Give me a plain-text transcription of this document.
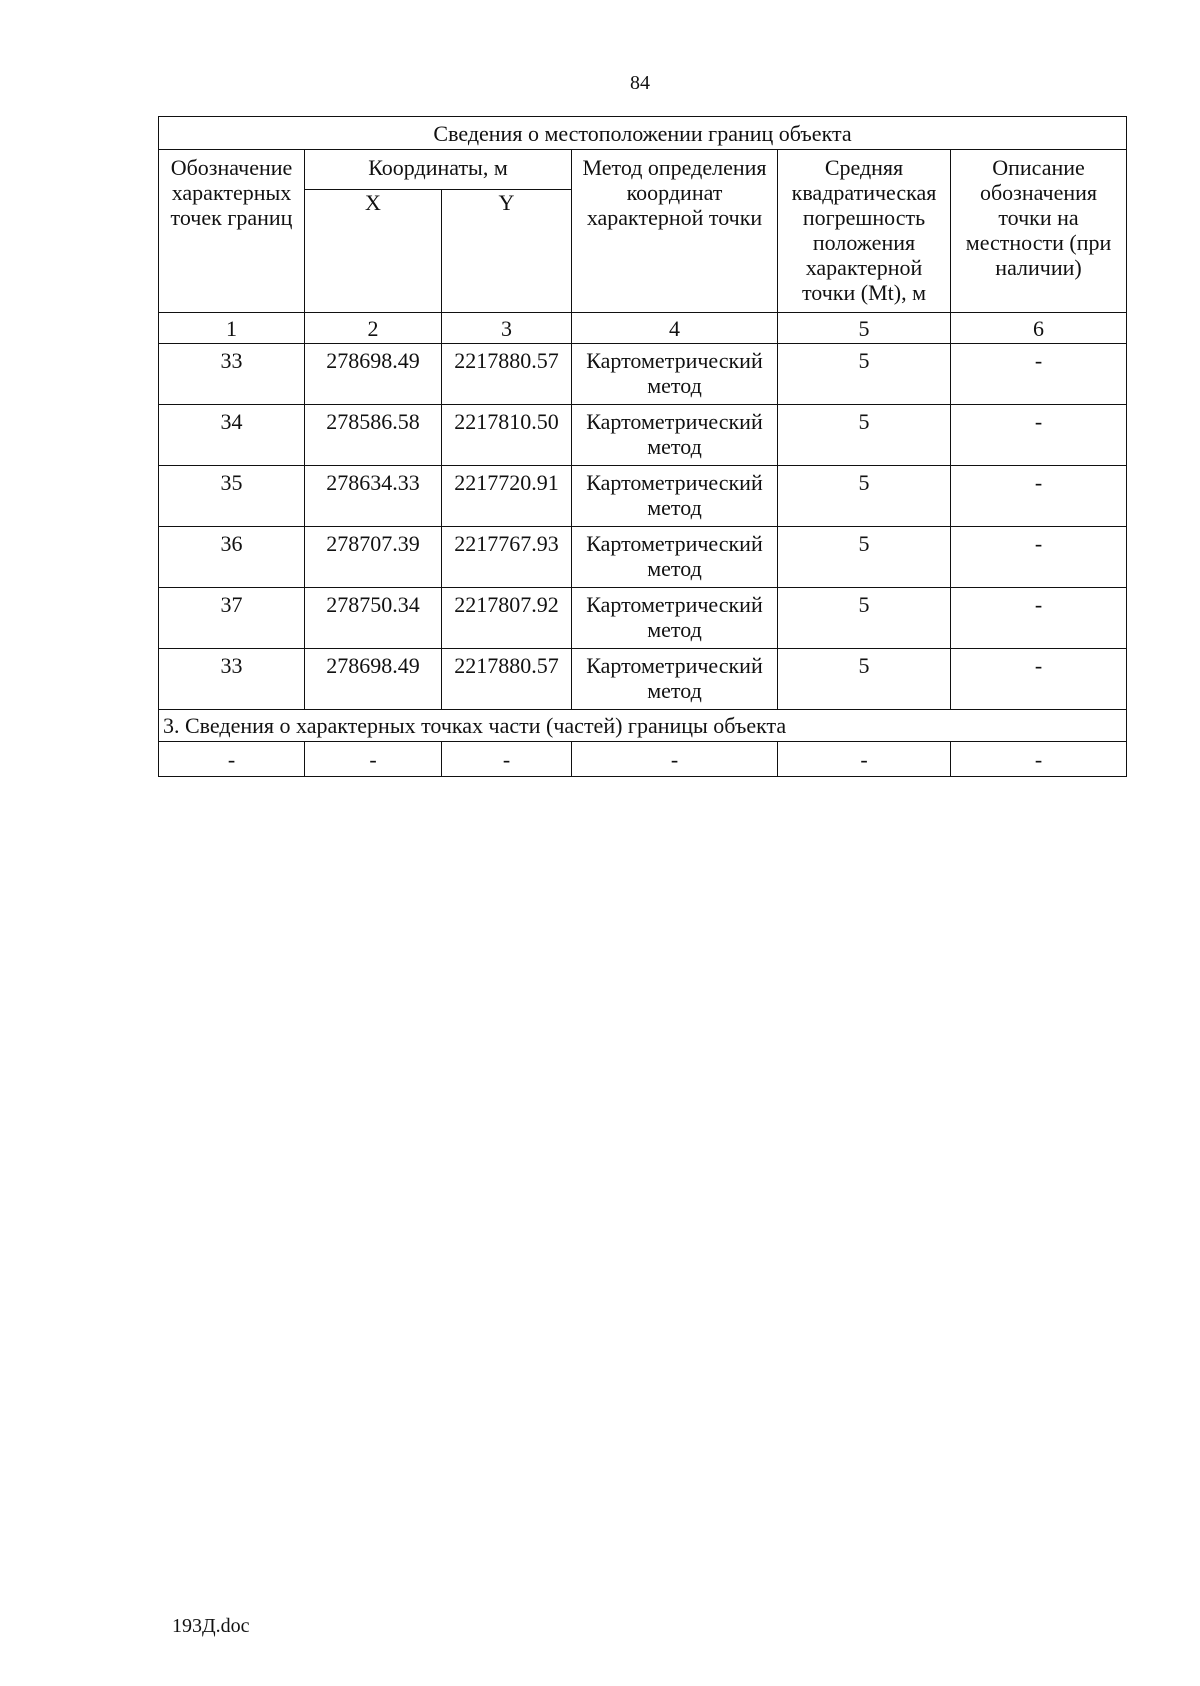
84
Сведения о местоположении границ объекта					
Обозначение характерных точек границ	Координаты, м		Метод определения координат характерной точки	Средняя квадратическая погрешность положения характерной точки (Mt), м	Описание обозначения точки на местности (при наличии)
	X	Y			
1	2	3	4	5	6
33	278698.49	2217880.57	Картометрический метод	5	-
34	278586.58	2217810.50	Картометрический метод	5	-
35	278634.33	2217720.91	Картометрический метод	5	-
36	278707.39	2217767.93	Картометрический метод	5	-
37	278750.34	2217807.92	Картометрический метод	5	-
33	278698.49	2217880.57	Картометрический метод	5	-
3. Сведения о характерных точках части (частей) границы объекта					
-	-	-	-	-	-
193Д.doc
